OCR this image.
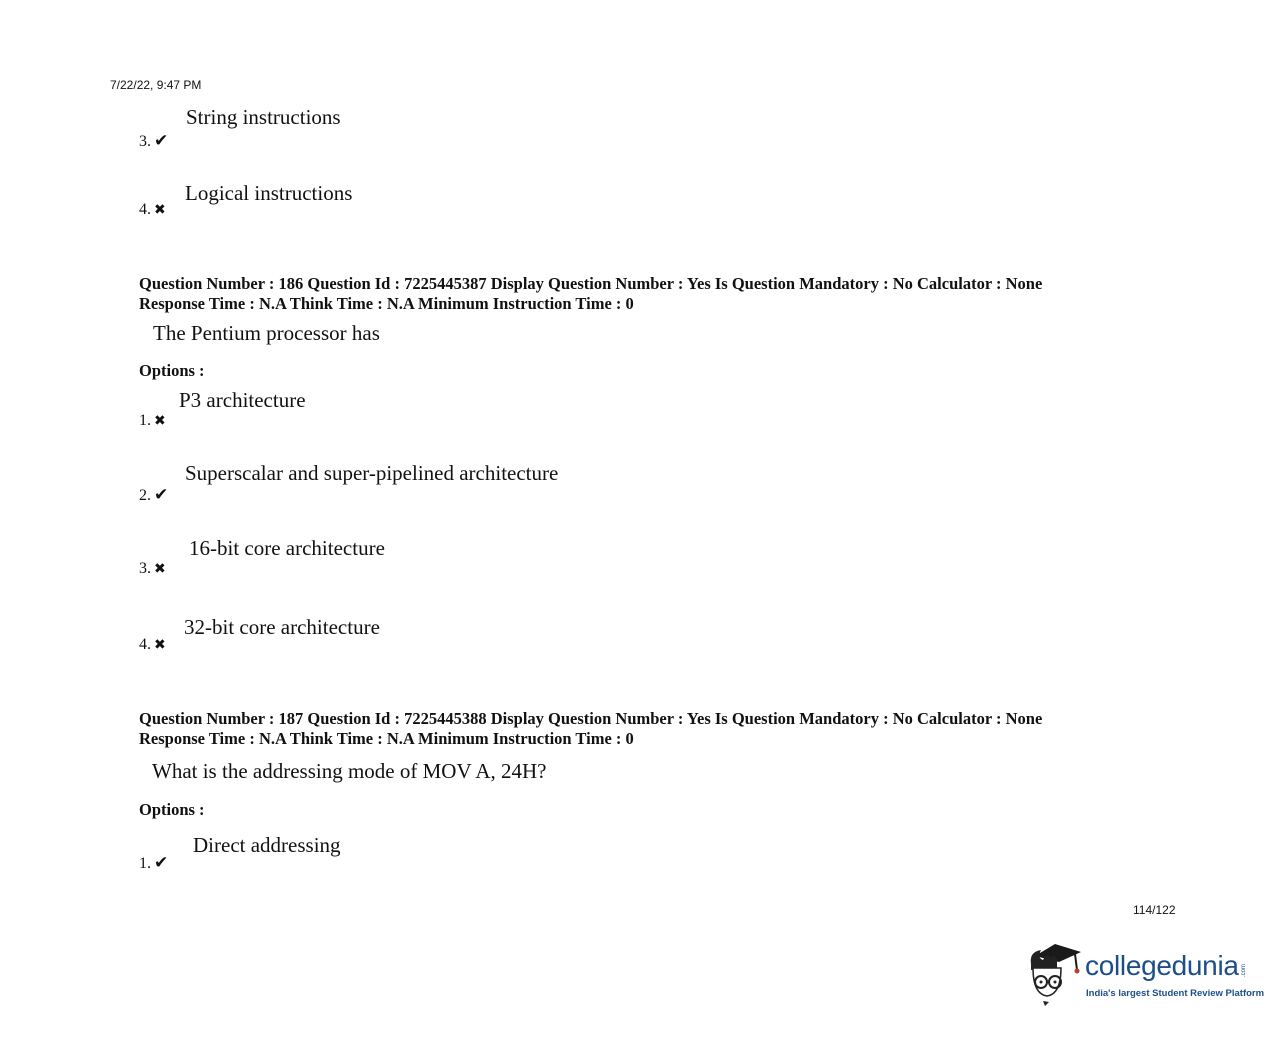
7/22/22, 9:47 PM
String instructions
3. ✔
Logical instructions
4. ✖
Question Number : 186 Question Id : 7225445387 Display Question Number : Yes Is Question Mandatory : No Calculator : None
Response Time : N.A Think Time : N.A Minimum Instruction Time : 0
The Pentium processor has
Options :
P3 architecture
1. ✖
Superscalar and super-pipelined architecture
2. ✔
16-bit core architecture
3. ✖
32-bit core architecture
4. ✖
Question Number : 187 Question Id : 7225445388 Display Question Number : Yes Is Question Mandatory : No Calculator : None
Response Time : N.A Think Time : N.A Minimum Instruction Time : 0
What is the addressing mode of MOV A, 24H?
Options :
Direct addressing
1. ✔
114/122
collegedunia .com
India's largest Student Review Platform
